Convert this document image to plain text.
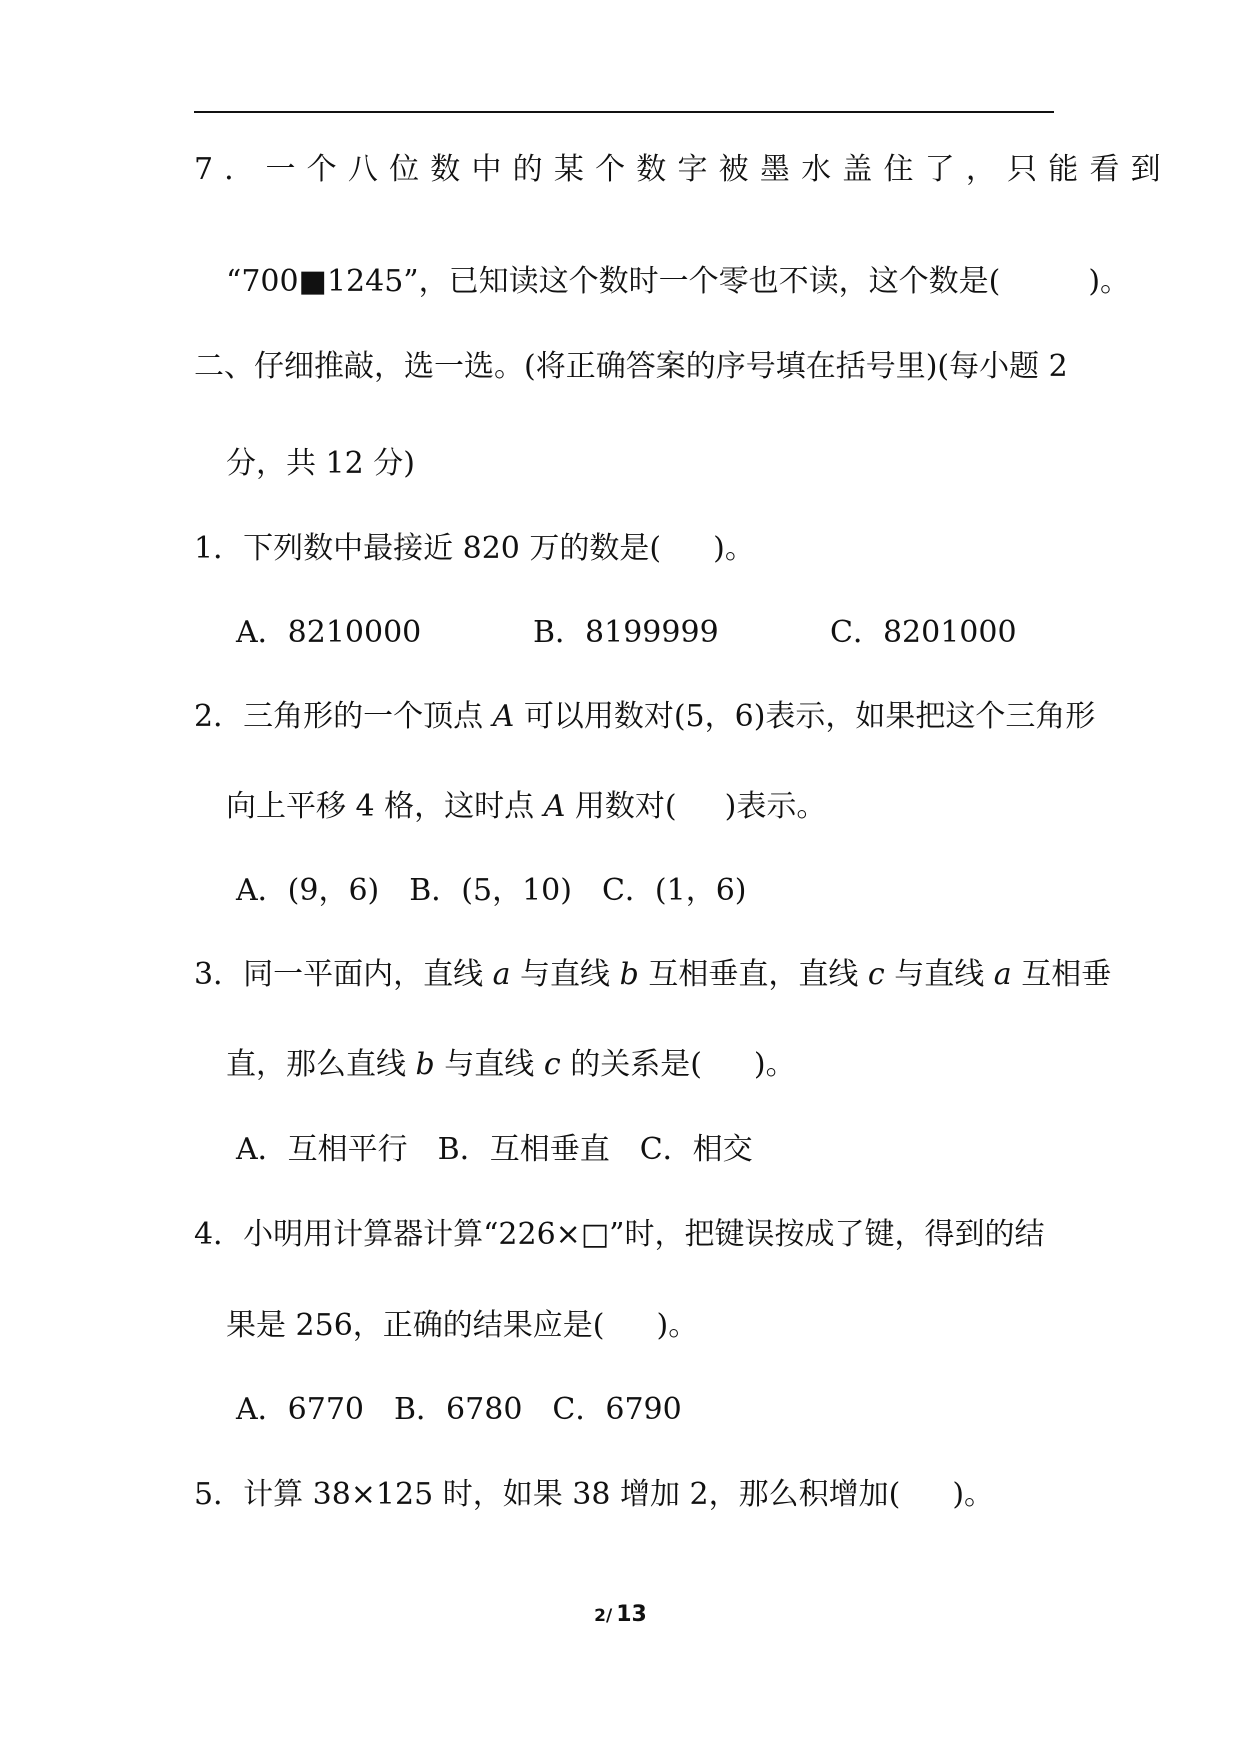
7．一个八位数中的某个数字被墨水盖住了，只能看到
“700■1245”，已知读这个数时一个零也不读，这个数是(	)。
二、仔细推敲，选一选。(将正确答案的序号填在括号里)(每小题 2
分，共 12 分)
1．下列数中最接近 820 万的数是( )。
A．8210000	B．8199999	C．8201000
2．三角形的一个顶点 A 可以用数对(5，6)表示，如果把这个三角形
向上平移 4 格，这时点 A 用数对( )表示。
A．(9，6)　B．(5，10)　C．(1，6)
3．同一平面内，直线 a 与直线 b 互相垂直，直线 c 与直线 a 互相垂
直，那么直线 b 与直线 c 的关系是( )。
A．互相平行　B．互相垂直　C．相交
4．小明用计算器计算“226×□”时，把键误按成了键，得到的结
果是 256，正确的结果应是( )。
A．6770　B．6780　C．6790
5．计算 38×125 时，如果 38 增加 2，那么积增加( )。
2/ 13
